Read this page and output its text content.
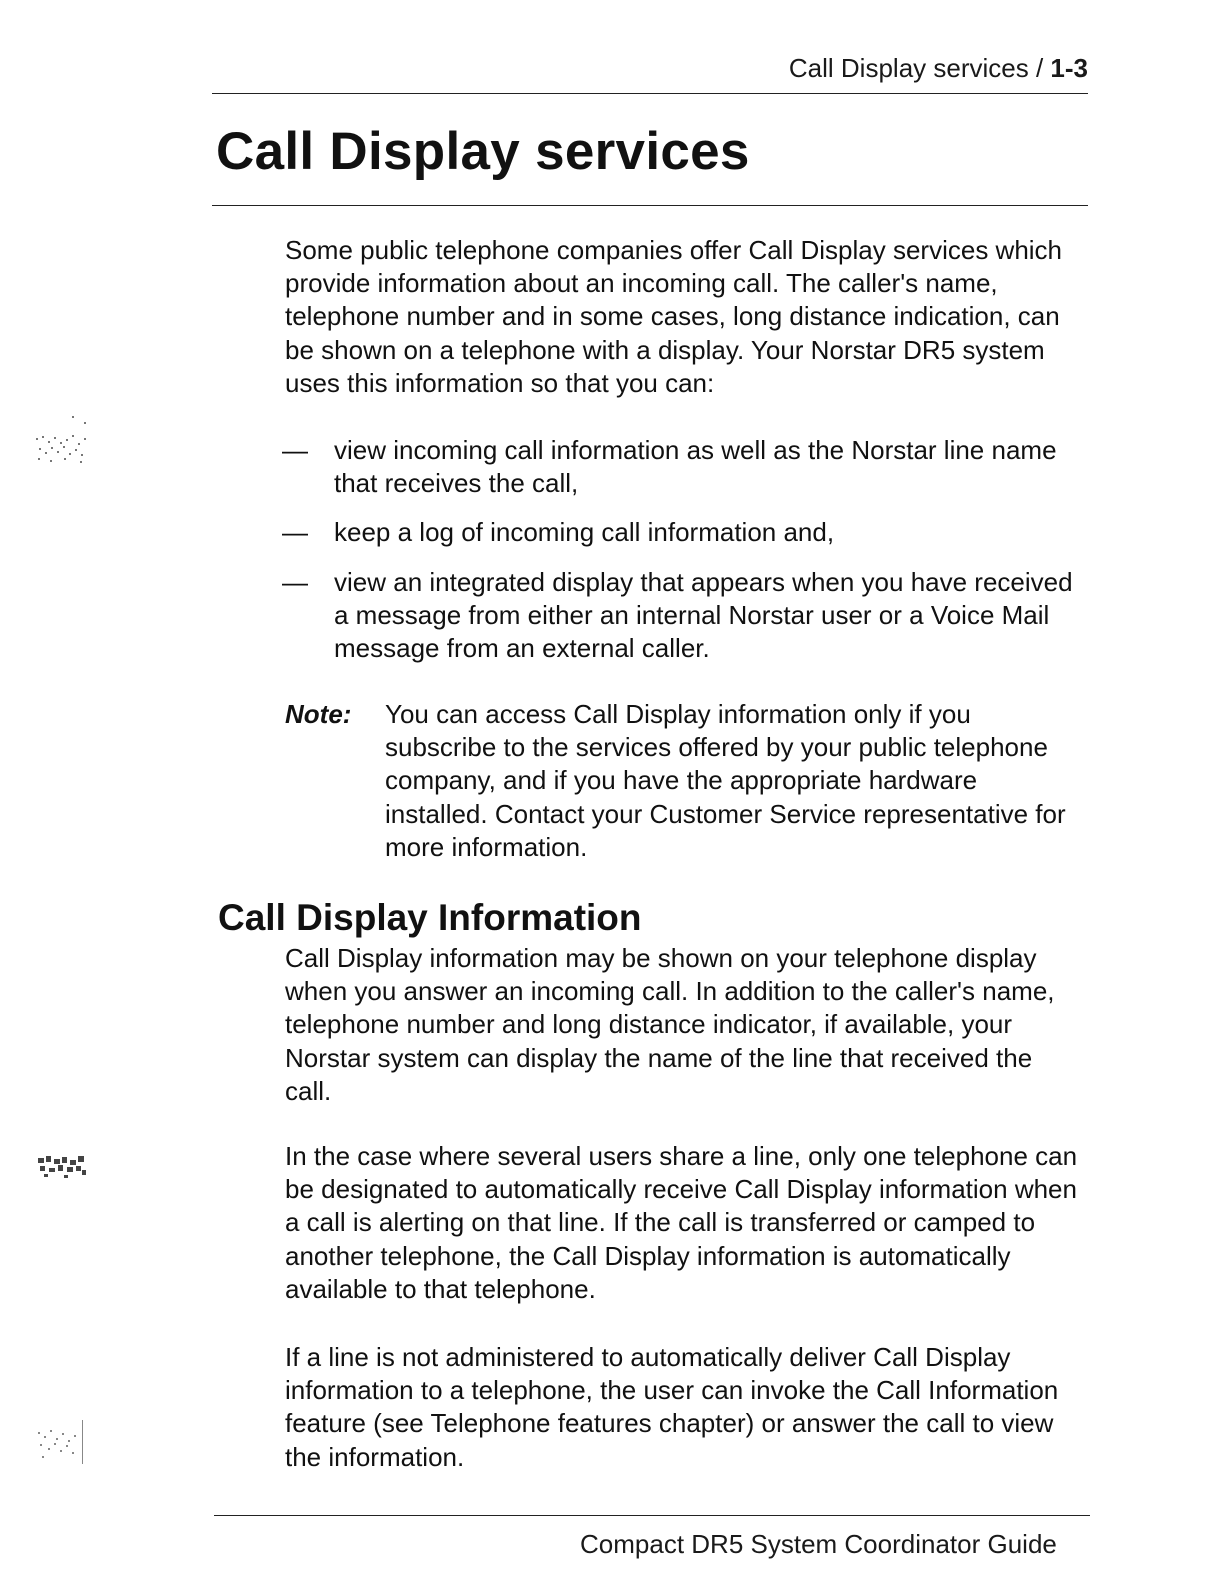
Call Display services / 1-3
Call Display services

Some public telephone companies offer Call Display services which provide information about an incoming call. The caller's name, telephone number and in some cases, long distance indication, can be shown on a telephone with a display. Your Norstar DR5 system uses this information so that you can:

— view incoming call information as well as the Norstar line name that receives the call,
— keep a log of incoming call information and,
— view an integrated display that appears when you have received a message from either an internal Norstar user or a Voice Mail message from an external caller.
Note: You can access Call Display information only if you subscribe to the services offered by your public telephone company, and if you have the appropriate hardware installed. Contact your Customer Service representative for more information.
Call Display Information

Call Display information may be shown on your telephone display when you answer an incoming call. In addition to the caller's name, telephone number and long distance indicator, if available, your Norstar system can display the name of the line that received the call.

In the case where several users share a line, only one telephone can be designated to automatically receive Call Display information when a call is alerting on that line. If the call is transferred or camped to another telephone, the Call Display information is automatically available to that telephone.

If a line is not administered to automatically deliver Call Display information to a telephone, the user can invoke the Call Information feature (see Telephone features chapter) or answer the call to view the information.

Compact DR5 System Coordinator Guide
